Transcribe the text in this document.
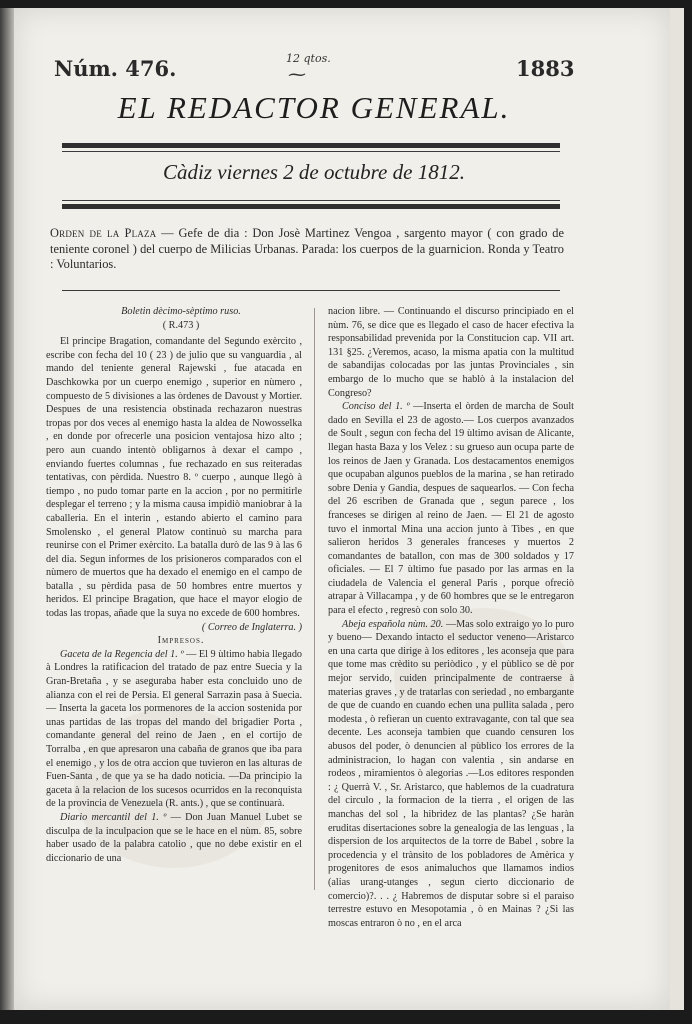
Núm. 476.	12 qtos.
⁓	1883
EL REDACTOR GENERAL.
Càdiz viernes 2 de octubre de 1812.
Orden de la Plaza — Gefe de dia : Don Josè Martinez Vengoa , sargento mayor ( con grado de teniente coronel ) del cuerpo de Milicias Urbanas. Parada: los cuerpos de la guarnicion. Ronda y Teatro : Voluntarios.

Boletin dècimo-sèptimo ruso.

( R.473 )

El principe Bragation, comandante del Segundo exèrcito , escribe con fecha del 10 ( 23 ) de julio que su vanguardia , al mando del teniente general Rajewski , fue atacada en Daschkowka por un cuerpo enemigo , superior en nùmero , compuesto de 5 divisiones a las òrdenes de Davoust y Mortier. Despues de una resistencia obstinada rechazaron nuestras tropas por dos veces al enemigo hasta la aldea de Nowosselka , en donde por ofrecerle una posicion ventajosa hizo alto ; pero aun cuando intentò obligarnos à dexar el campo , enviando fuertes columnas , fue rechazado en sus reiteradas tentativas, con pèrdida. Nuestro 8. º cuerpo , aunque llegò à tiempo , no pudo tomar parte en la accion , por no permitirle desplegar el terreno ; y la misma causa impidiò maniobrar à la caballeria. En el interin , estando abierto el camino para Smolensko , el general Platow continuò su marcha para reunirse con el Primer exèrcito. La batalla durò de las 9 à las 6 del dia. Segun informes de los prisioneros comparados con el nùmero de muertos que ha dexado el enemigo en el campo de batalla , su pèrdida pasa de 50 hombres entre muertos y heridos. El principe Bragation, que hace el mayor elogio de todas las tropas, añade que la suya no excede de 600 hombres.

( Correo de Inglaterra. )

Impresos.

Gaceta de la Regencia del 1. º — El 9 ùltimo habia llegado à Londres la ratificacion del tratado de paz entre Suecia y la Gran-Bretaña , y se aseguraba haber esta concluido uno de alianza con el rei de Persia. El general Sarrazin pasa à Suecia.— Inserta la gaceta los pormenores de la accion sostenida por unas partidas de las tropas del mando del brigadier Porta , comandante general del reino de Jaen , en el cortijo de Torralba , en que apresaron una cabaña de granos que iba para el enemigo , y los de otra accion que tuvieron en las alturas de Fuen-Santa , de que ya se ha dado noticia. —Da principio la gaceta à la relacion de los sucesos ocurridos en la reconquista de la provincia de Venezuela (R. ants.) , que se continuarà.

Diario mercantil del 1. º — Don Juan Manuel Lubet se disculpa de la inculpacion que se le hace en el nùm. 85, sobre haber usado de la palabra catolio , que no debe existir en el diccionario de una

nacion libre. — Continuando el discurso principiado en el nùm. 76, se dice que es llegado el caso de hacer efectiva la responsabilidad prevenida por la Constitucion cap. VII art. 131 §25. ¿Veremos, acaso, la misma apatia con la multitud de sabandijas colocadas por las juntas Provinciales , sin embargo de lo mucho que se hablò à la instalacion del Congreso?

Conciso del 1. º —Inserta el òrden de marcha de Soult dado en Sevilla el 23 de agosto.— Los cuerpos avanzados de Soult , segun con fecha del 19 ùltimo avisan de Alicante, llegan hasta Baza y los Velez : su grueso aun ocupa parte de los reinos de Jaen y Granada. Los destacamentos enemigos que ocupaban algunos pueblos de la marina , se han retirado sobre Denia y Gandia, despues de saquearlos. — Con fecha del 26 escriben de Granada que , segun parece , los franceses se dirigen al reino de Jaen. — El 21 de agosto tuvo el inmortal Mina una accion junto à Tibes , en que salieron heridos 3 generales franceses y muertos 2 comandantes de batallon, con mas de 300 soldados y 17 oficiales. — El 7 ùltimo fue pasado por las armas en la ciudadela de Valencia el general Paris , porque ofreciò atrapar à Villacampa , y de 60 hombres que se le entregaron para el efecto , regresò con solo 30.

Abeja española nùm. 20. —Mas solo extraigo yo lo puro y bueno— Dexando intacto el seductor veneno—Aristarco en una carta que dirige à los editores , les aconseja que para que tome mas crèdito su periòdico , y el pùblico se dè por mejor servido, cuiden principalmente de contraerse à materias graves , y de tratarlas con seriedad , no embargante de que de cuando en cuando echen una pullita salada , pero modesta , ò refieran un cuento extravagante, con tal que sea decente. Les aconseja tambien que cuando censuren los abusos del poder, ò denuncien al pùblico los errores de la administracion, lo hagan con valentia , sin andarse en rodeos , miramientos ò alegorias .—Los editores responden : ¿ Querrà V. , Sr. Aristarco, que hablemos de la cuadratura del circulo , la formacion de la tierra , el origen de las manchas del sol , la hibridez de las plantas? ¿Se haràn eruditas disertaciones sobre la genealogia de las lenguas , la dispersion de los arquitectos de la torre de Babel , sobre la procedencia y el trànsito de los pobladores de Amèrica y progenitores de esos animaluchos que llamamos indios (alias urang-utanges , segun cierto diccionario de comercio)?. . . ¿ Habremos de disputar sobre si el paraiso terrestre estuvo en Mesopotamia , ò en Mainas ? ¿Si las moscas entraron ò no , en el arca
